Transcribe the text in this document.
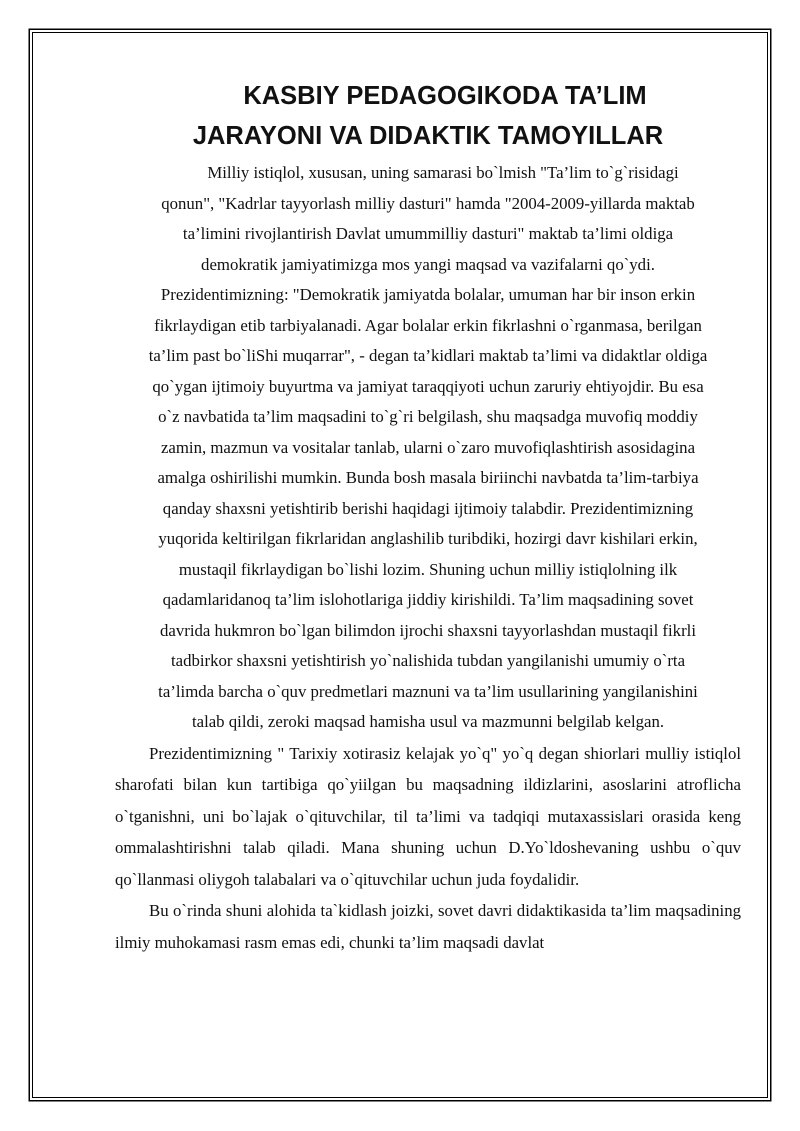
KASBIY PEDAGOGIKODA TA’LIM
JARAYONI VA DIDAKTIK TAMOYILLAR
Milliy istiqlol, xususan, uning samarasi bo`lmish "Ta’lim to`g`risidagi
qonun", "Kadrlar tayyorlash milliy dasturi" hamda "2004-2009-yillarda maktab
ta’limini rivojlantirish Davlat umummilliy dasturi" maktab ta’limi oldiga
demokratik jamiyatimizga mos yangi maqsad va vazifalarni qo`ydi.
Prezidentimizning: "Demokratik jamiyatda bolalar, umuman har bir inson erkin
fikrlaydigan etib tarbiyalanadi. Agar bolalar erkin fikrlashni o`rganmasa, berilgan
ta’lim past bo`liShi muqarrar", - degan ta’kidlari maktab ta’limi va didaktlar oldiga
qo`ygan ijtimoiy buyurtma va jamiyat taraqqiyoti uchun zaruriy ehtiyojdir. Bu esa
o`z navbatida ta’lim maqsadini to`g`ri belgilash, shu maqsadga muvofiq moddiy
zamin, mazmun va vositalar tanlab, ularni o`zaro muvofiqlashtirish asosidagina
amalga oshirilishi mumkin. Bunda bosh masala biriinchi navbatda ta’lim-tarbiya
qanday shaxsni yetishtirib berishi haqidagi ijtimoiy talabdir. Prezidentimizning
yuqorida keltirilgan fikrlaridan anglashilib turibdiki, hozirgi davr kishilari erkin,
mustaqil fikrlaydigan bo`lishi lozim. Shuning uchun milliy istiqlolning ilk
qadamlaridanoq ta’lim islohotlariga jiddiy kirishildi. Ta’lim maqsadining sovet
davrida hukmron bo`lgan bilimdon ijrochi shaxsni tayyorlashdan mustaqil fikrli
tadbirkor shaxsni yetishtirish yo`nalishida tubdan yangilanishi umumiy o`rta
ta’limda barcha o`quv predmetlari maznuni va ta’lim usullarining yangilanishini
talab qildi, zeroki maqsad hamisha usul va mazmunni belgilab kelgan.

Prezidentimizning " Tarixiy xotirasiz kelajak yo`q" yo`q degan shiorlari mulliy istiqlol sharofati bilan kun tartibiga qo`yiilgan bu maqsadning ildizlarini, asoslarini atroflicha o`tganishni, uni bo`lajak o`qituvchilar, til ta’limi va tadqiqi mutaxassislari orasida keng ommalashtirishni talab qiladi. Mana shuning uchun D.Yo`ldoshevaning ushbu o`quv qo`llanmasi oliygoh talabalari va o`qituvchilar uchun juda foydalidir.

Bu o`rinda shuni alohida ta`kidlash joizki, sovet davri didaktikasida ta’lim maqsadining ilmiy muhokamasi rasm emas edi, chunki ta’lim maqsadi davlat
